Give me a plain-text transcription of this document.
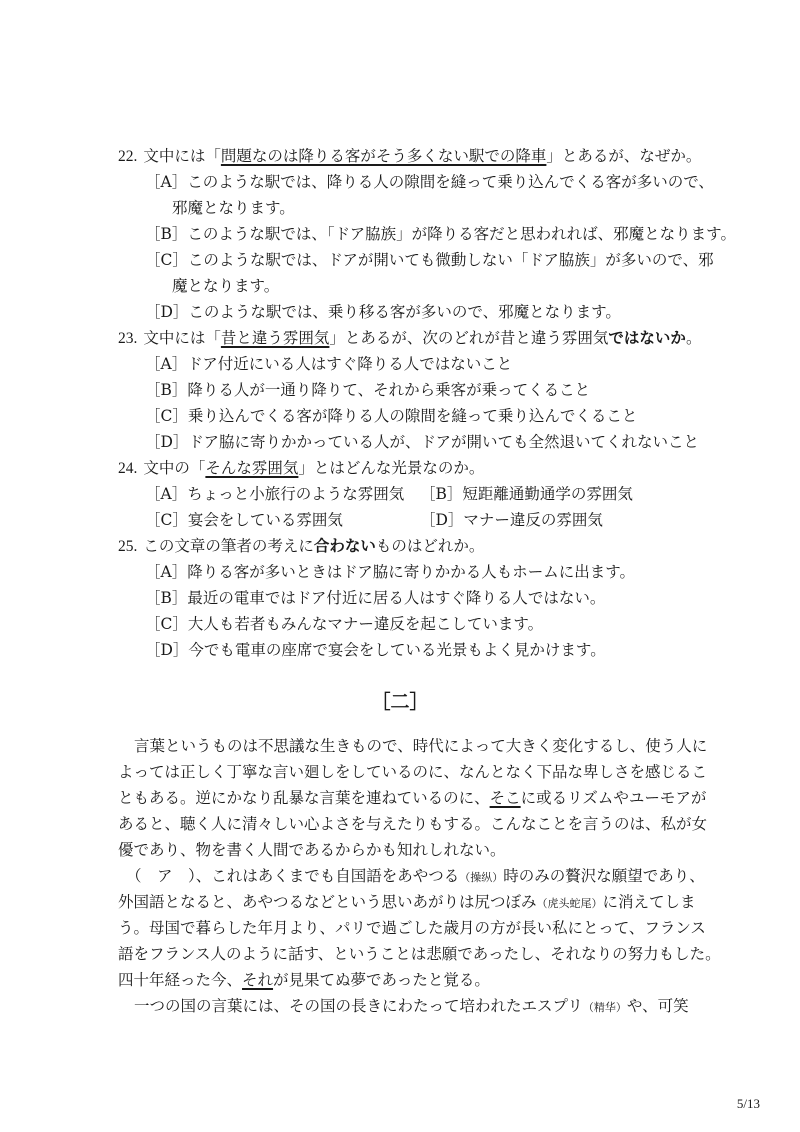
22. 文中には「問題なのは降りる客がそう多くない駅での降車」とあるが、なぜか。
［A］このような駅では、降りる人の隙間を縫って乗り込んでくる客が多いので、
邪魔となります。
［B］このような駅では、「ドア脇族」が降りる客だと思われれば、邪魔となります。
［C］このような駅では、ドアが開いても微動しない「ドア脇族」が多いので、邪
魔となります。
［D］このような駅では、乗り移る客が多いので、邪魔となります。
23. 文中には「昔と違う雰囲気」とあるが、次のどれが昔と違う雰囲気ではないか。
［A］ドア付近にいる人はすぐ降りる人ではないこと
［B］降りる人が一通り降りて、それから乗客が乗ってくること
［C］乗り込んでくる客が降りる人の隙間を縫って乗り込んでくること
［D］ドア脇に寄りかかっている人が、ドアが開いても全然退いてくれないこと
24. 文中の「そんな雰囲気」とはどんな光景なのか。
［A］ちょっと小旅行のような雰囲気 ［B］短距離通勤通学の雰囲気
［C］宴会をしている雰囲気	［D］マナー違反の雰囲気
25. この文章の筆者の考えに合わないものはどれか。
［A］降りる客が多いときはドア脇に寄りかかる人もホームに出ます。
［B］最近の電車ではドア付近に居る人はすぐ降りる人ではない。
［C］大人も若者もみんなマナー違反を起こしています。
［D］今でも電車の座席で宴会をしている光景もよく見かけます。
［二］
言葉というものは不思議な生きもので、時代によって大きく変化するし、使う人に
よっては正しく丁寧な言い廻しをしているのに、なんとなく下品な卑しさを感じるこ
ともある。逆にかなり乱暴な言葉を連ねているのに、そこに或るリズムやユーモアが
あると、聴く人に清々しい心よさを与えたりもする。こんなことを言うのは、私が女
優であり、物を書く人間であるからかも知れしれない。
（　ア　）、これはあくまでも自国語をあやつる（操纵）時のみの贅沢な願望であり、
外国語となると、あやつるなどという思いあがりは尻つぼみ（虎头蛇尾）に消えてしま
う。母国で暮らした年月より、パリで過ごした歳月の方が長い私にとって、フランス
語をフランス人のように話す、ということは悲願であったし、それなりの努力もした。
四十年経った今、それが見果てぬ夢であったと覚る。
一つの国の言葉には、その国の長きにわたって培われたエスプリ（精华）や、可笑
5/13
